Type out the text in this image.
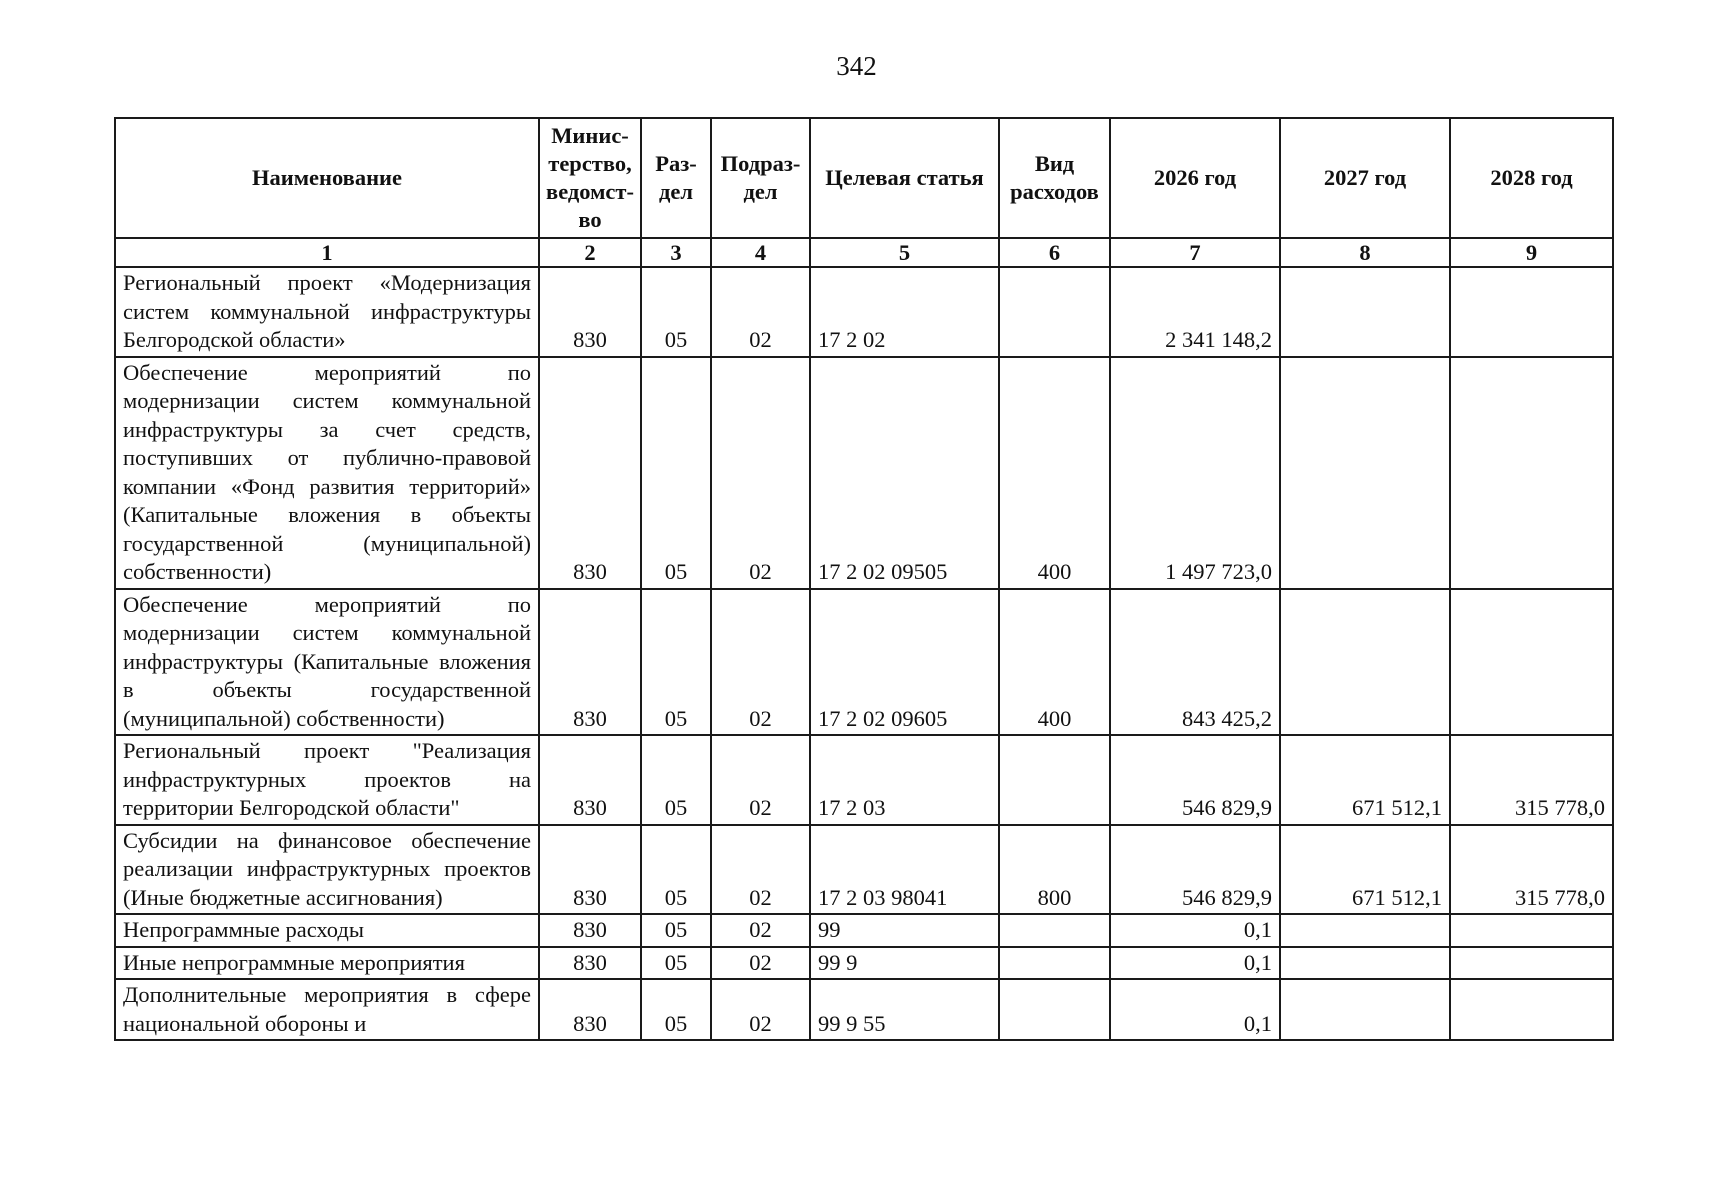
342
Наименование	Минис-терство, ведомст-во	Раз-дел	Подраз-дел	Целевая статья	Вид расходов	2026 год	2027 год	2028 год
1	2	3	4	5	6	7	8	9
Региональный проект «Модернизация систем коммунальной инфраструктуры Белгородской области»	830	05	02	17 2 02		2 341 148,2		
Обеспечение мероприятий по модернизации систем коммунальной инфраструктуры за счет средств, поступивших от публично-правовой компании «Фонд развития территорий» (Капитальные вложения в объекты государственной (муниципальной) собственности)	830	05	02	17 2 02 09505	400	1 497 723,0		
Обеспечение мероприятий по модернизации систем коммунальной инфраструктуры (Капитальные вложения в объекты государственной (муниципальной) собственности)	830	05	02	17 2 02 09605	400	843 425,2		
Региональный проект "Реализация инфраструктурных проектов на территории Белгородской области"	830	05	02	17 2 03		546 829,9	671 512,1	315 778,0
Субсидии на финансовое обеспечение реализации инфраструктурных проектов (Иные бюджетные ассигнования)	830	05	02	17 2 03 98041	800	546 829,9	671 512,1	315 778,0
Непрограммные расходы	830	05	02	99		0,1		
Иные непрограммные мероприятия	830	05	02	99 9		0,1		
Дополнительные мероприятия в сфере национальной обороны и	830	05	02	99 9 55		0,1		
